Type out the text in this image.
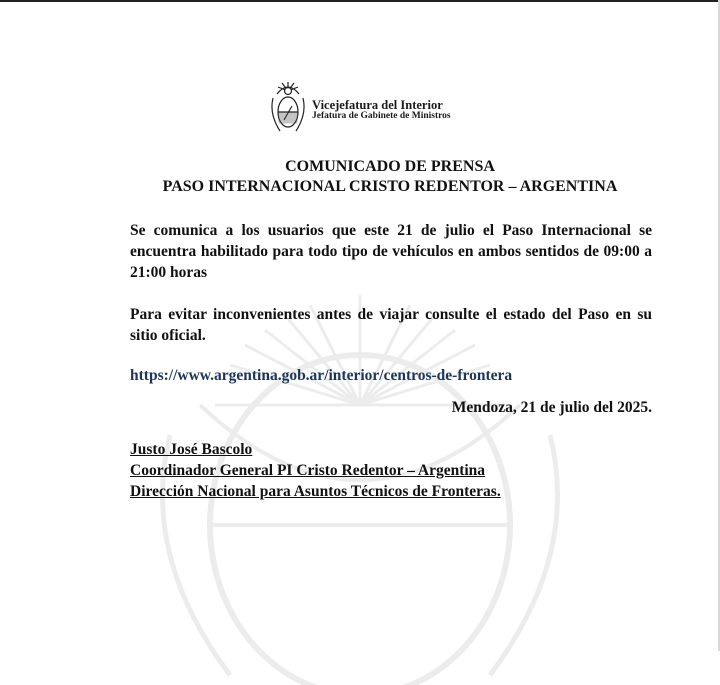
Vicejefatura del Interior
Jefatura de Gabinete de Ministros
COMUNICADO DE PRENSA
PASO INTERNACIONAL CRISTO REDENTOR – ARGENTINA
Se comunica a los usuarios que este 21 de julio el Paso Internacional se encuentra habilitado para todo tipo de vehículos en ambos sentidos de 09:00 a 21:00 horas
Para evitar inconvenientes antes de viajar consulte el estado del Paso en su sitio oficial.
https://www.argentina.gob.ar/interior/centros-de-frontera
Mendoza, 21 de julio del 2025.
Justo José Bascolo
Coordinador General PI Cristo Redentor – Argentina
Dirección Nacional para Asuntos Técnicos de Fronteras.
